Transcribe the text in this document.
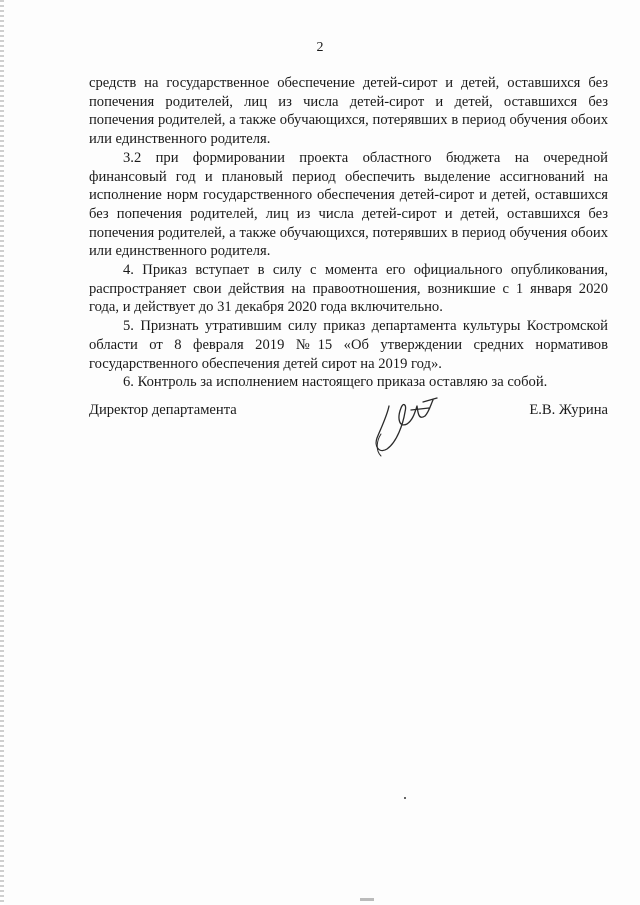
2

средств на государственное обеспечение детей-сирот и детей, оставшихся без попечения родителей, лиц из числа детей-сирот и детей, оставшихся без попечения родителей, а также обучающихся, потерявших в период обучения обоих или единственного родителя.

3.2 при формировании проекта областного бюджета на очередной финансовый год и плановый период обеспечить выделение ассигнований на исполнение норм государственного обеспечения детей-сирот и детей, оставшихся без попечения родителей, лиц из числа детей-сирот и детей, оставшихся без попечения родителей, а также обучающихся, потерявших в период обучения обоих или единственного родителя.

4. Приказ вступает в силу с момента его официального опубликования, распространяет свои действия на правоотношения, возникшие с 1 января 2020 года, и действует до 31 декабря 2020 года включительно.

5. Признать утратившим силу приказ департамента культуры Костромской области от 8 февраля 2019 №15 «Об утверждении средних нормативов государственного обеспечения детей сирот на 2019 год».

6. Контроль за исполнением настоящего приказа оставляю за собой.

Директор департамента	Е.В. Журина
